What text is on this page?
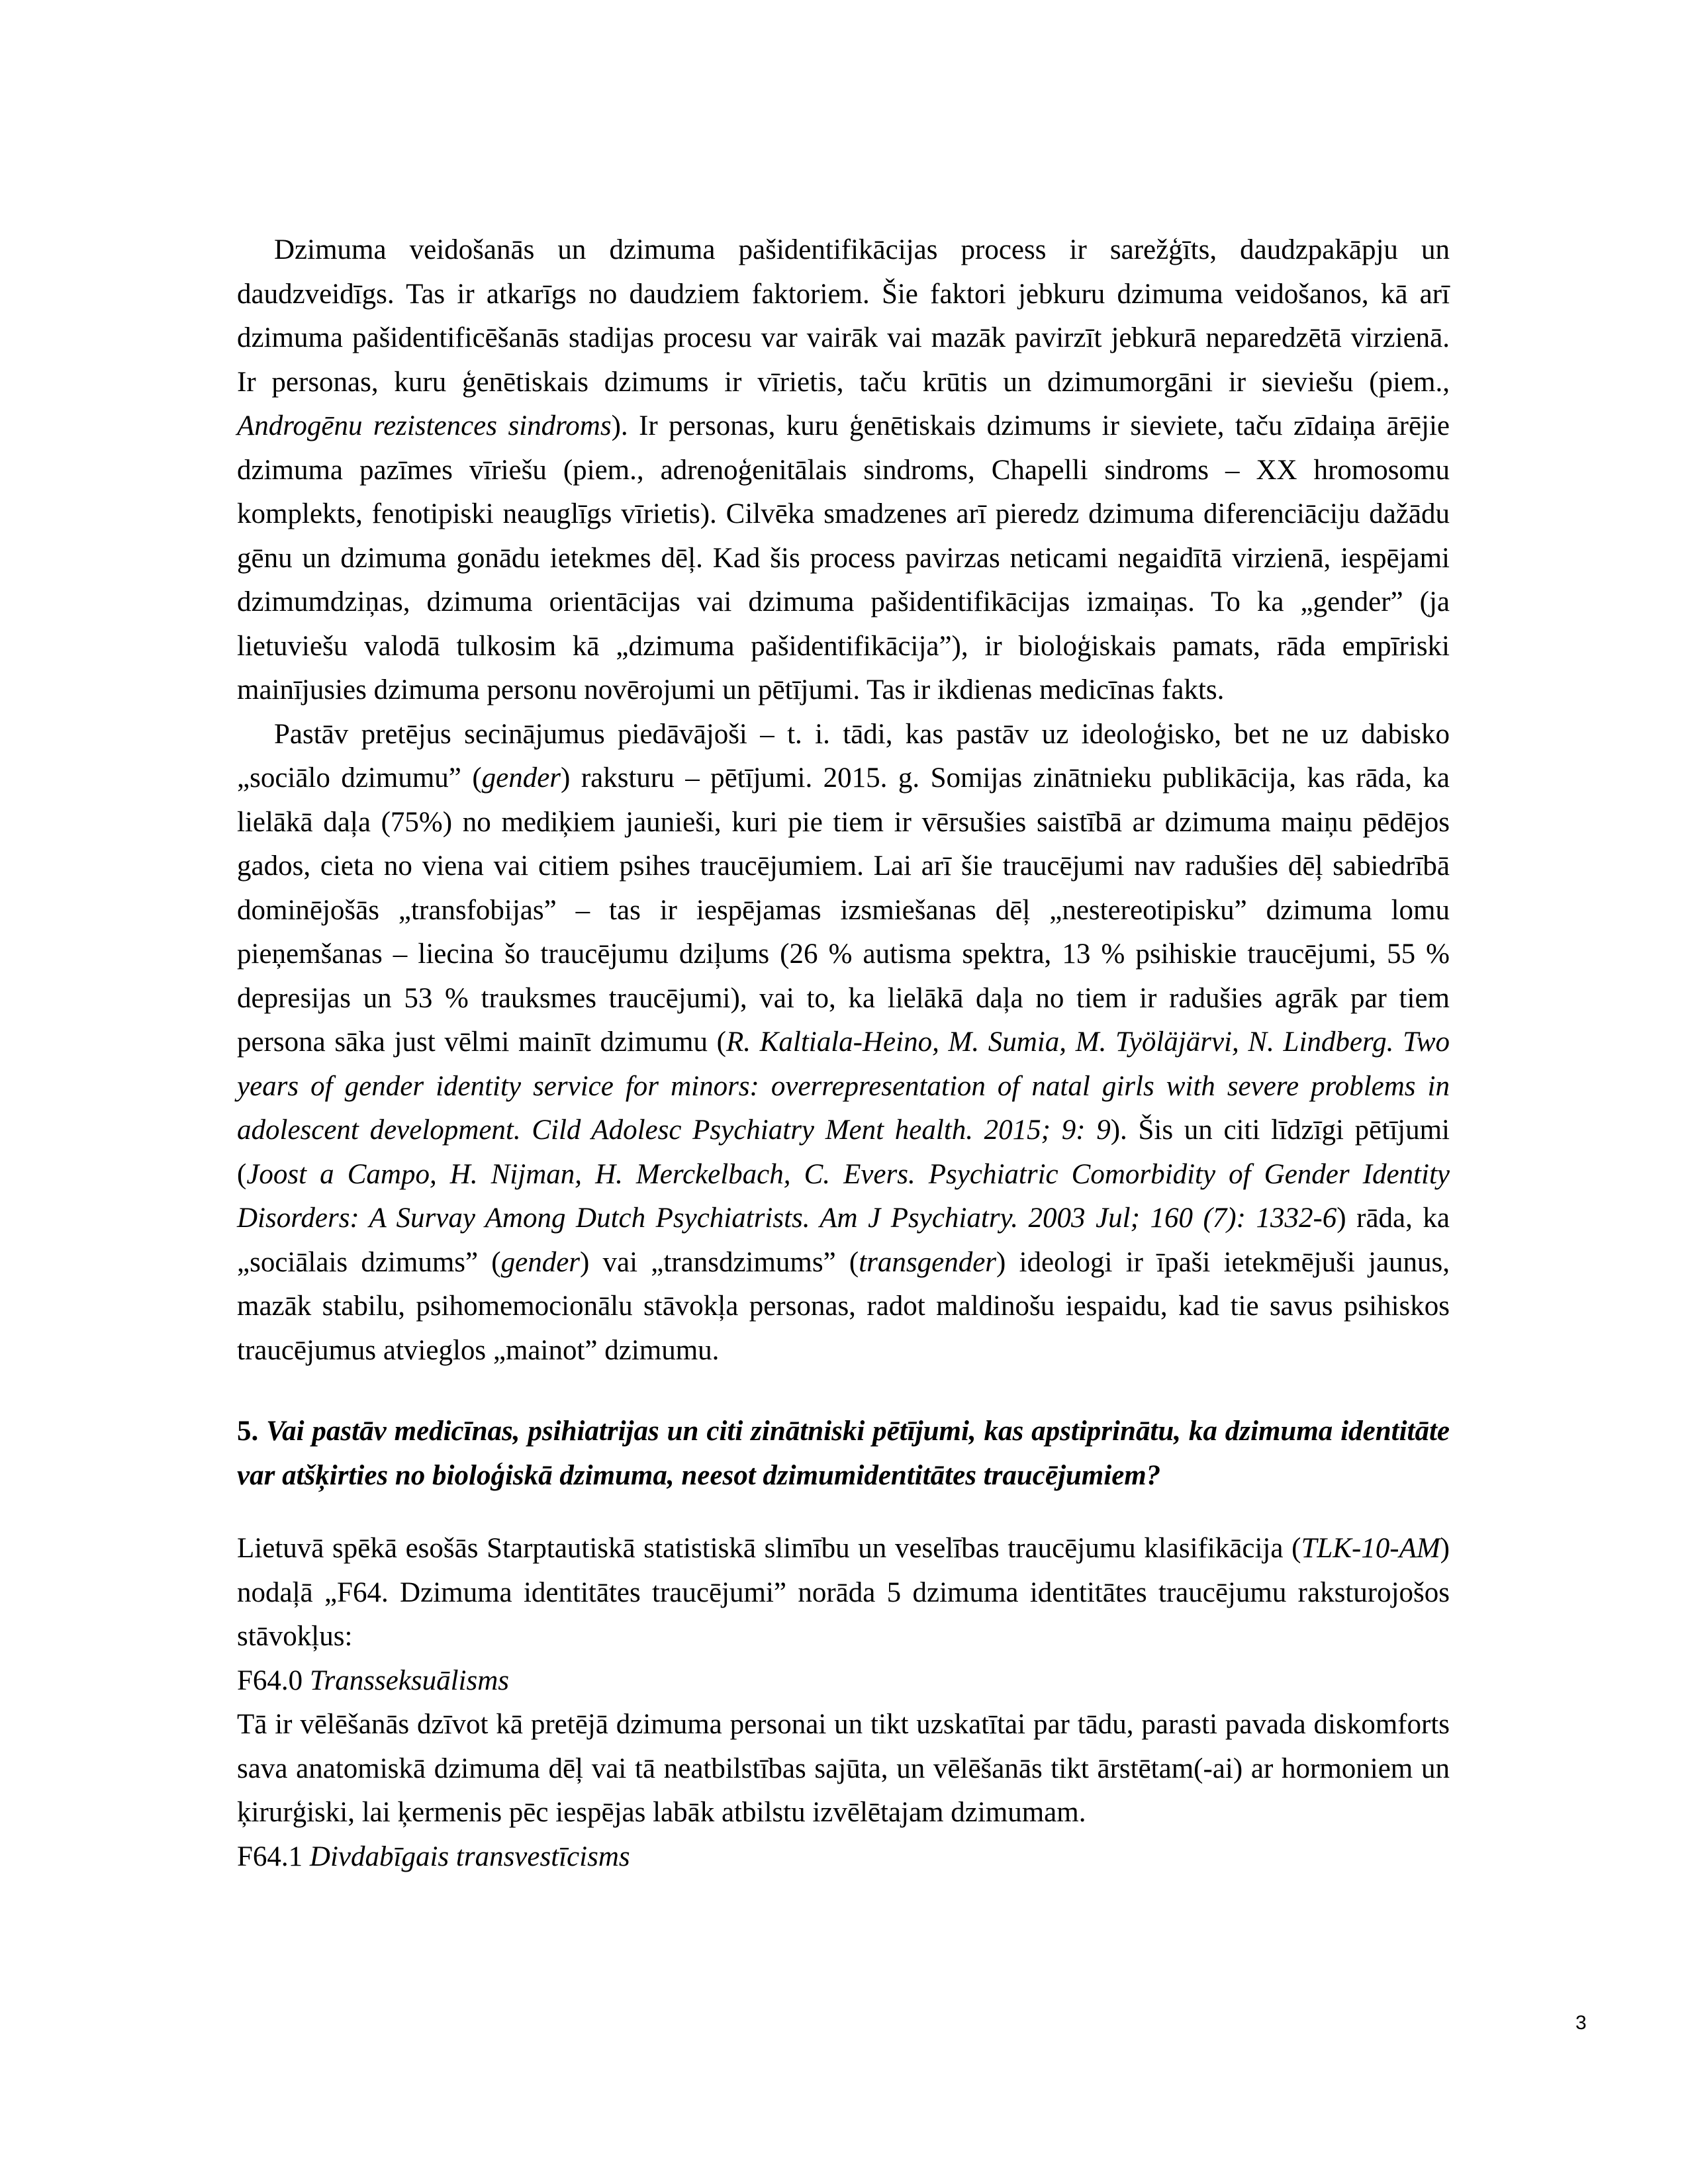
Dzimuma veidošanās un dzimuma pašidentifikācijas process ir sarežģīts, daudzpakāpju un daudzveidīgs. Tas ir atkarīgs no daudziem faktoriem. Šie faktori jebkuru dzimuma veidošanos, kā arī dzimuma pašidentificēšanās stadijas procesu var vairāk vai mazāk pavirzīt jebkurā neparedzētā virzienā. Ir personas, kuru ģenētiskais dzimums ir vīrietis, taču krūtis un dzimumorgāni ir sieviešu (piem., Androgēnu rezistences sindroms). Ir personas, kuru ģenētiskais dzimums ir sieviete, taču zīdaiņa ārējie dzimuma pazīmes vīriešu (piem., adrenoģenitālais sindroms, Chapelli sindroms – XX hromosomu komplekts, fenotipiski neauglīgs vīrietis). Cilvēka smadzenes arī pieredz dzimuma diferenciāciju dažādu gēnu un dzimuma gonādu ietekmes dēļ. Kad šis process pavirzas neticami negaidītā virzienā, iespējami dzimumdziņas, dzimuma orientācijas vai dzimuma pašidentifikācijas izmaiņas. To ka „gender” (ja lietuviešu valodā tulkosim kā „dzimuma pašidentifikācija”), ir bioloģiskais pamats, rāda empīriski mainījusies dzimuma personu novērojumi un pētījumi. Tas ir ikdienas medicīnas fakts.

Pastāv pretējus secinājumus piedāvājoši – t. i. tādi, kas pastāv uz ideoloģisko, bet ne uz dabisko „sociālo dzimumu” (gender) raksturu – pētījumi. 2015. g. Somijas zinātnieku publikācija, kas rāda, ka lielākā daļa (75%) no mediķiem jaunieši, kuri pie tiem ir vērsušies saistībā ar dzimuma maiņu pēdējos gados, cieta no viena vai citiem psihes traucējumiem. Lai arī šie traucējumi nav radušies dēļ sabiedrībā dominējošās „transfobijas” – tas ir iespējamas izsmiešanas dēļ „nestereotipisku” dzimuma lomu pieņemšanas – liecina šo traucējumu dziļums (26 % autisma spektra, 13 % psihiskie traucējumi, 55 % depresijas un 53 % trauksmes traucējumi), vai to, ka lielākā daļa no tiem ir radušies agrāk par tiem persona sāka just vēlmi mainīt dzimumu (R. Kaltiala-Heino, M. Sumia, M. Työläjärvi, N. Lindberg. Two years of gender identity service for minors: overrepresentation of natal girls with severe problems in adolescent development. Cild Adolesc Psychiatry Ment health. 2015; 9: 9). Šis un citi līdzīgi pētījumi (Joost a Campo, H. Nijman, H. Merckelbach, C. Evers. Psychiatric Comorbidity of Gender Identity Disorders: A Survay Among Dutch Psychiatrists. Am J Psychiatry. 2003 Jul; 160 (7): 1332-6) rāda, ka „sociālais dzimums” (gender) vai „transdzimums” (transgender) ideologi ir īpaši ietekmējuši jaunus, mazāk stabilu, psihomemocionālu stāvokļa personas, radot maldinošu iespaidu, kad tie savus psihiskos traucējumus atvieglos „mainot” dzimumu.

5. Vai pastāv medicīnas, psihiatrijas un citi zinātniski pētījumi, kas apstiprinātu, ka dzimuma identitāte var atšķirties no bioloģiskā dzimuma, neesot dzimumidentitātes traucējumiem?

Lietuvā spēkā esošās Starptautiskā statistiskā slimību un veselības traucējumu klasifikācija (TLK-10-AM) nodaļā „F64. Dzimuma identitātes traucējumi” norāda 5 dzimuma identitātes traucējumu raksturojošos stāvokļus:

F64.0 Transseksuālisms

Tā ir vēlēšanās dzīvot kā pretējā dzimuma personai un tikt uzskatītai par tādu, parasti pavada diskomforts sava anatomiskā dzimuma dēļ vai tā neatbilstības sajūta, un vēlēšanās tikt ārstētam(-ai) ar hormoniem un ķirurģiski, lai ķermenis pēc iespējas labāk atbilstu izvēlētajam dzimumam.

F64.1 Divdabīgais transvestīcisms

3
